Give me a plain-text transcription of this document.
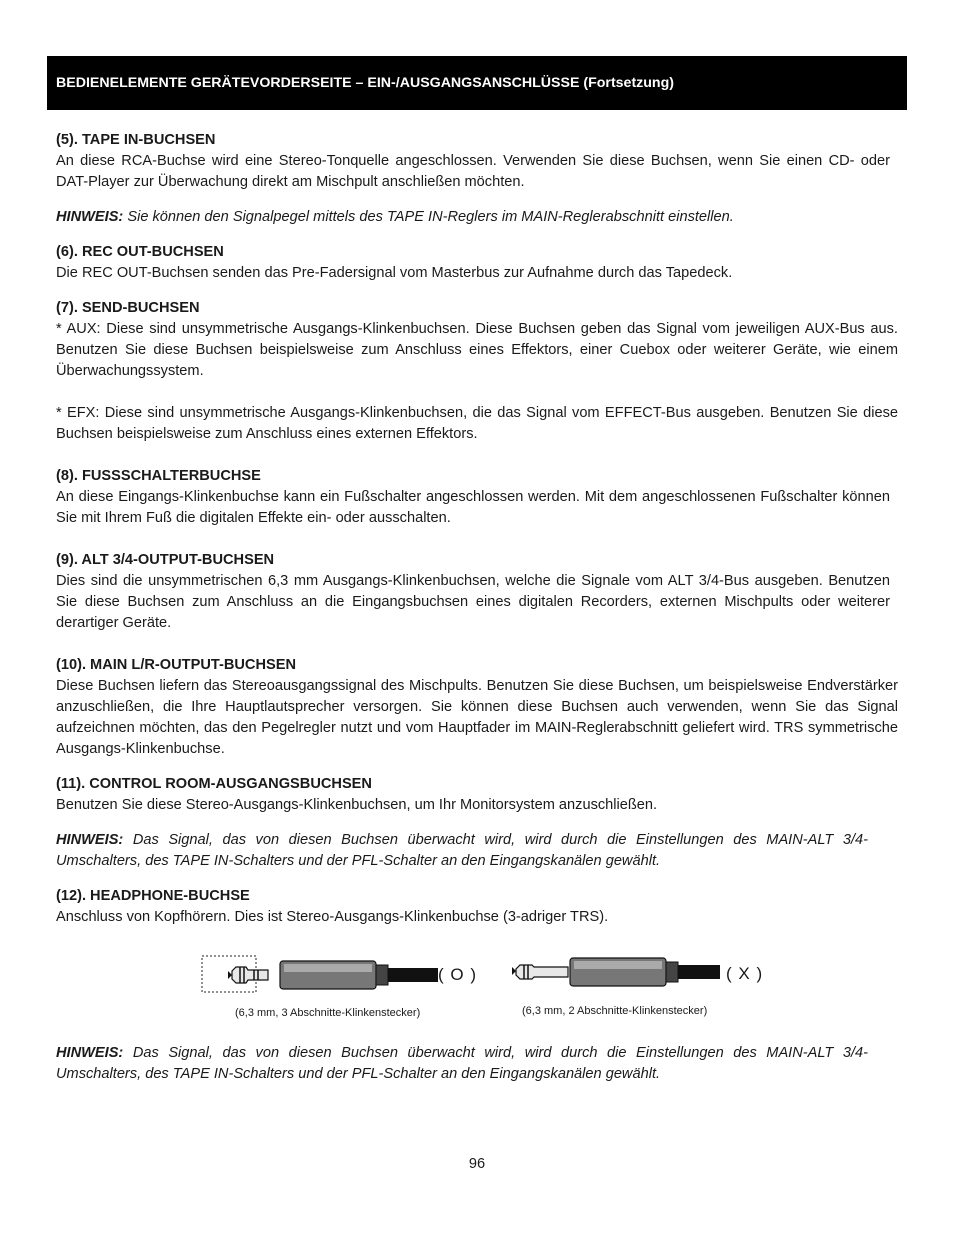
BEDIENELEMENTE GERÄTEVORDERSEITE – EIN-/AUSGANGSANSCHLÜSSE (Fortsetzung)
(5). TAPE IN-BUCHSEN
An diese RCA-Buchse wird eine Stereo-Tonquelle angeschlossen. Verwenden Sie diese Buchsen, wenn Sie einen CD- oder DAT-Player zur Überwachung direkt am Mischpult anschließen möchten.
HINWEIS: Sie können den Signalpegel mittels des TAPE IN-Reglers im MAIN-Reglerabschnitt einstellen.
(6). REC OUT-BUCHSEN
Die REC OUT-Buchsen senden das Pre-Fadersignal vom Masterbus zur Aufnahme durch das Tapedeck.
(7). SEND-BUCHSEN
* AUX: Diese sind unsymmetrische Ausgangs-Klinkenbuchsen. Diese Buchsen geben das Signal vom jeweiligen AUX-Bus aus. Benutzen Sie diese Buchsen beispielsweise zum Anschluss eines Effektors, einer Cuebox oder weiterer Geräte, wie einem Überwachungssystem.
* EFX: Diese sind unsymmetrische Ausgangs-Klinkenbuchsen, die das Signal vom EFFECT-Bus ausgeben. Benutzen Sie diese Buchsen beispielsweise zum Anschluss eines externen Effektors.
(8). FUSSSCHALTERBUCHSE
An diese Eingangs-Klinkenbuchse kann ein Fußschalter angeschlossen werden. Mit dem angeschlossenen Fußschalter können Sie mit Ihrem Fuß die digitalen Effekte ein- oder ausschalten.
(9). ALT 3/4-OUTPUT-BUCHSEN
Dies sind die unsymmetrischen 6,3 mm Ausgangs-Klinkenbuchsen, welche die Signale vom ALT 3/4-Bus ausgeben. Benutzen Sie diese Buchsen zum Anschluss an die Eingangsbuchsen eines digitalen Recorders, externen Mischpults oder weiterer derartiger Geräte.
(10). MAIN L/R-OUTPUT-BUCHSEN
Diese Buchsen liefern das Stereoausgangssignal des Mischpults. Benutzen Sie diese Buchsen, um beispielsweise Endverstärker anzuschließen, die Ihre Hauptlautsprecher versorgen. Sie können diese Buchsen auch verwenden, wenn Sie das Signal aufzeichnen möchten, das den Pegelregler nutzt und vom Hauptfader im MAIN-Reglerabschnitt geliefert wird. TRS symmetrische Ausgangs-Klinkenbuchse.
(11). CONTROL ROOM-AUSGANGSBUCHSEN
Benutzen Sie diese Stereo-Ausgangs-Klinkenbuchsen, um Ihr Monitorsystem anzuschließen.
HINWEIS: Das Signal, das von diesen Buchsen überwacht wird, wird durch die Einstellungen des MAIN-ALT 3/4-Umschalters, des TAPE IN-Schalters und der PFL-Schalter an den Eingangskanälen gewählt.
(12). HEADPHONE-BUCHSE
Anschluss von Kopfhörern. Dies ist Stereo-Ausgangs-Klinkenbuchse (3-adriger TRS).
( O )	( X )
(6,3 mm, 3 Abschnitte-Klinkenstecker)	(6,3 mm, 2 Abschnitte-Klinkenstecker)
HINWEIS: Das Signal, das von diesen Buchsen überwacht wird, wird durch die Einstellungen des MAIN-ALT 3/4-Umschalters, des TAPE IN-Schalters und der PFL-Schalter an den Eingangskanälen gewählt.
96
